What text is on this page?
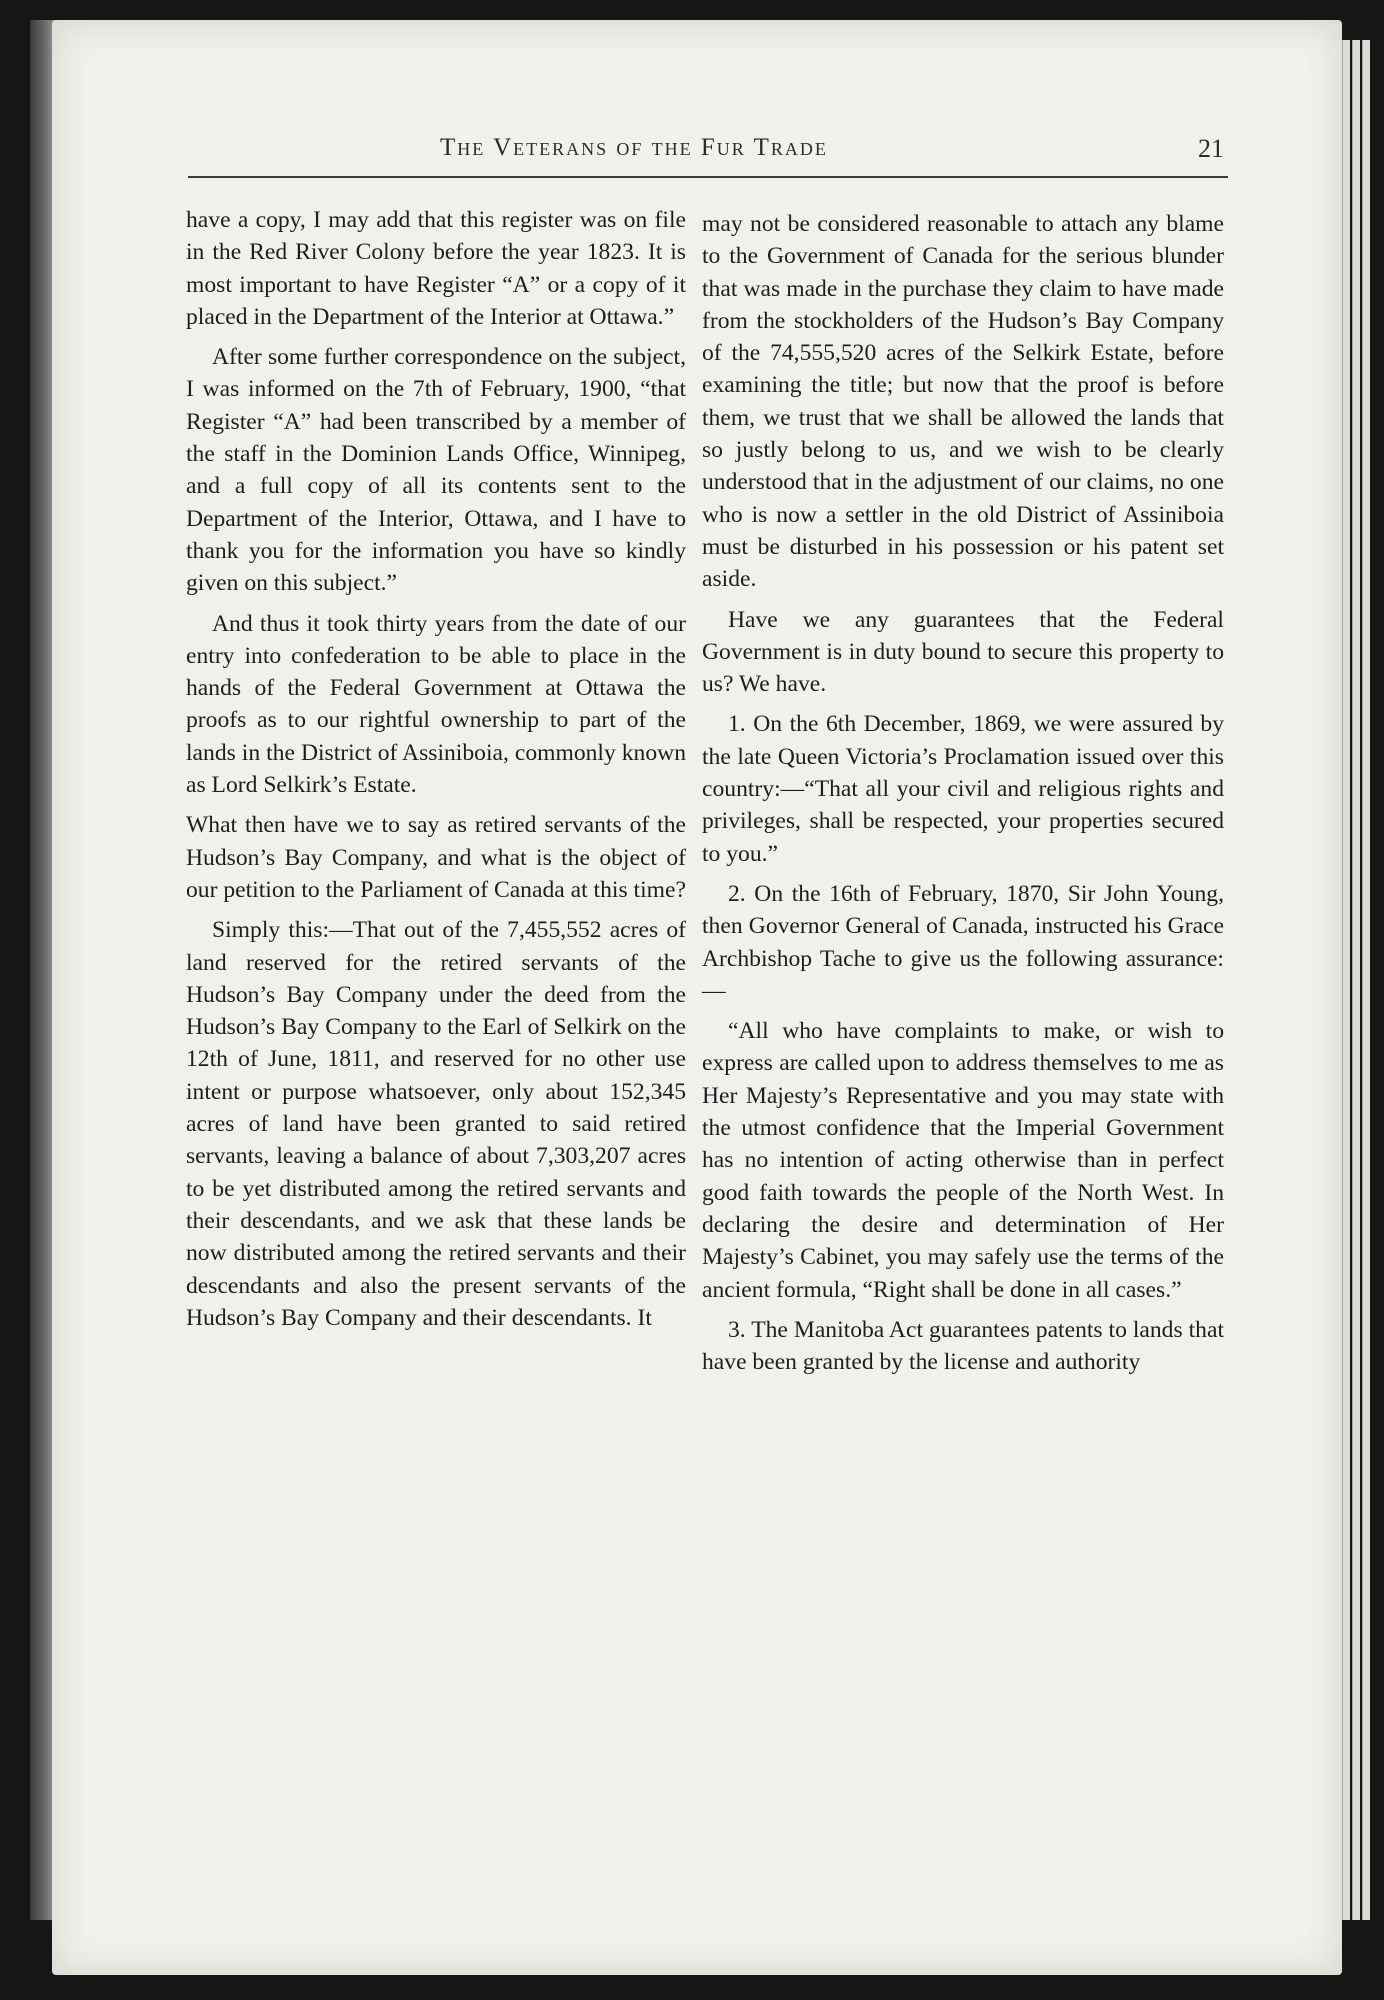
The Veterans of the Fur Trade	21

have a copy, I may add that this register was on file in the Red River Colony before the year 1823. It is most important to have Register “A” or a copy of it placed in the Department of the Interior at Ottawa.”

After some further correspondence on the subject, I was informed on the 7th of February, 1900, “that Register “A” had been transcribed by a member of the staff in the Dominion Lands Office, Winnipeg, and a full copy of all its contents sent to the Department of the Interior, Ottawa, and I have to thank you for the information you have so kindly given on this subject.”

And thus it took thirty years from the date of our entry into confederation to be able to place in the hands of the Federal Government at Ottawa the proofs as to our rightful ownership to part of the lands in the District of Assiniboia, commonly known as Lord Selkirk’s Estate.

What then have we to say as retired servants of the Hudson’s Bay Company, and what is the object of our petition to the Parliament of Canada at this time?

Simply this:—That out of the 7,455,552 acres of land reserved for the retired servants of the Hudson’s Bay Company under the deed from the Hudson’s Bay Company to the Earl of Selkirk on the 12th of June, 1811, and reserved for no other use intent or purpose whatsoever, only about 152,345 acres of land have been granted to said retired servants, leaving a balance of about 7,303,207 acres to be yet distributed among the retired servants and their descendants, and we ask that these lands be now distributed among the retired servants and their descendants and also the present servants of the Hudson’s Bay Company and their descendants. It

may not be considered reasonable to attach any blame to the Government of Canada for the serious blunder that was made in the purchase they claim to have made from the stockholders of the Hudson’s Bay Company of the 74,555,520 acres of the Selkirk Estate, before examining the title; but now that the proof is before them, we trust that we shall be allowed the lands that so justly belong to us, and we wish to be clearly understood that in the adjustment of our claims, no one who is now a settler in the old District of Assiniboia must be disturbed in his possession or his patent set aside.

Have we any guarantees that the Federal Government is in duty bound to secure this property to us? We have.

1. On the 6th December, 1869, we were assured by the late Queen Victoria’s Proclamation issued over this country:—“That all your civil and religious rights and privileges, shall be respected, your properties secured to you.”

2. On the 16th of February, 1870, Sir John Young, then Governor General of Canada, instructed his Grace Archbishop Tache to give us the following assurance:—

“All who have complaints to make, or wish to express are called upon to address themselves to me as Her Majesty’s Representative and you may state with the utmost confidence that the Imperial Government has no intention of acting otherwise than in perfect good faith towards the people of the North West. In declaring the desire and determination of Her Majesty’s Cabinet, you may safely use the terms of the ancient formula, “Right shall be done in all cases.”

3. The Manitoba Act guarantees patents to lands that have been granted by the license and authority
